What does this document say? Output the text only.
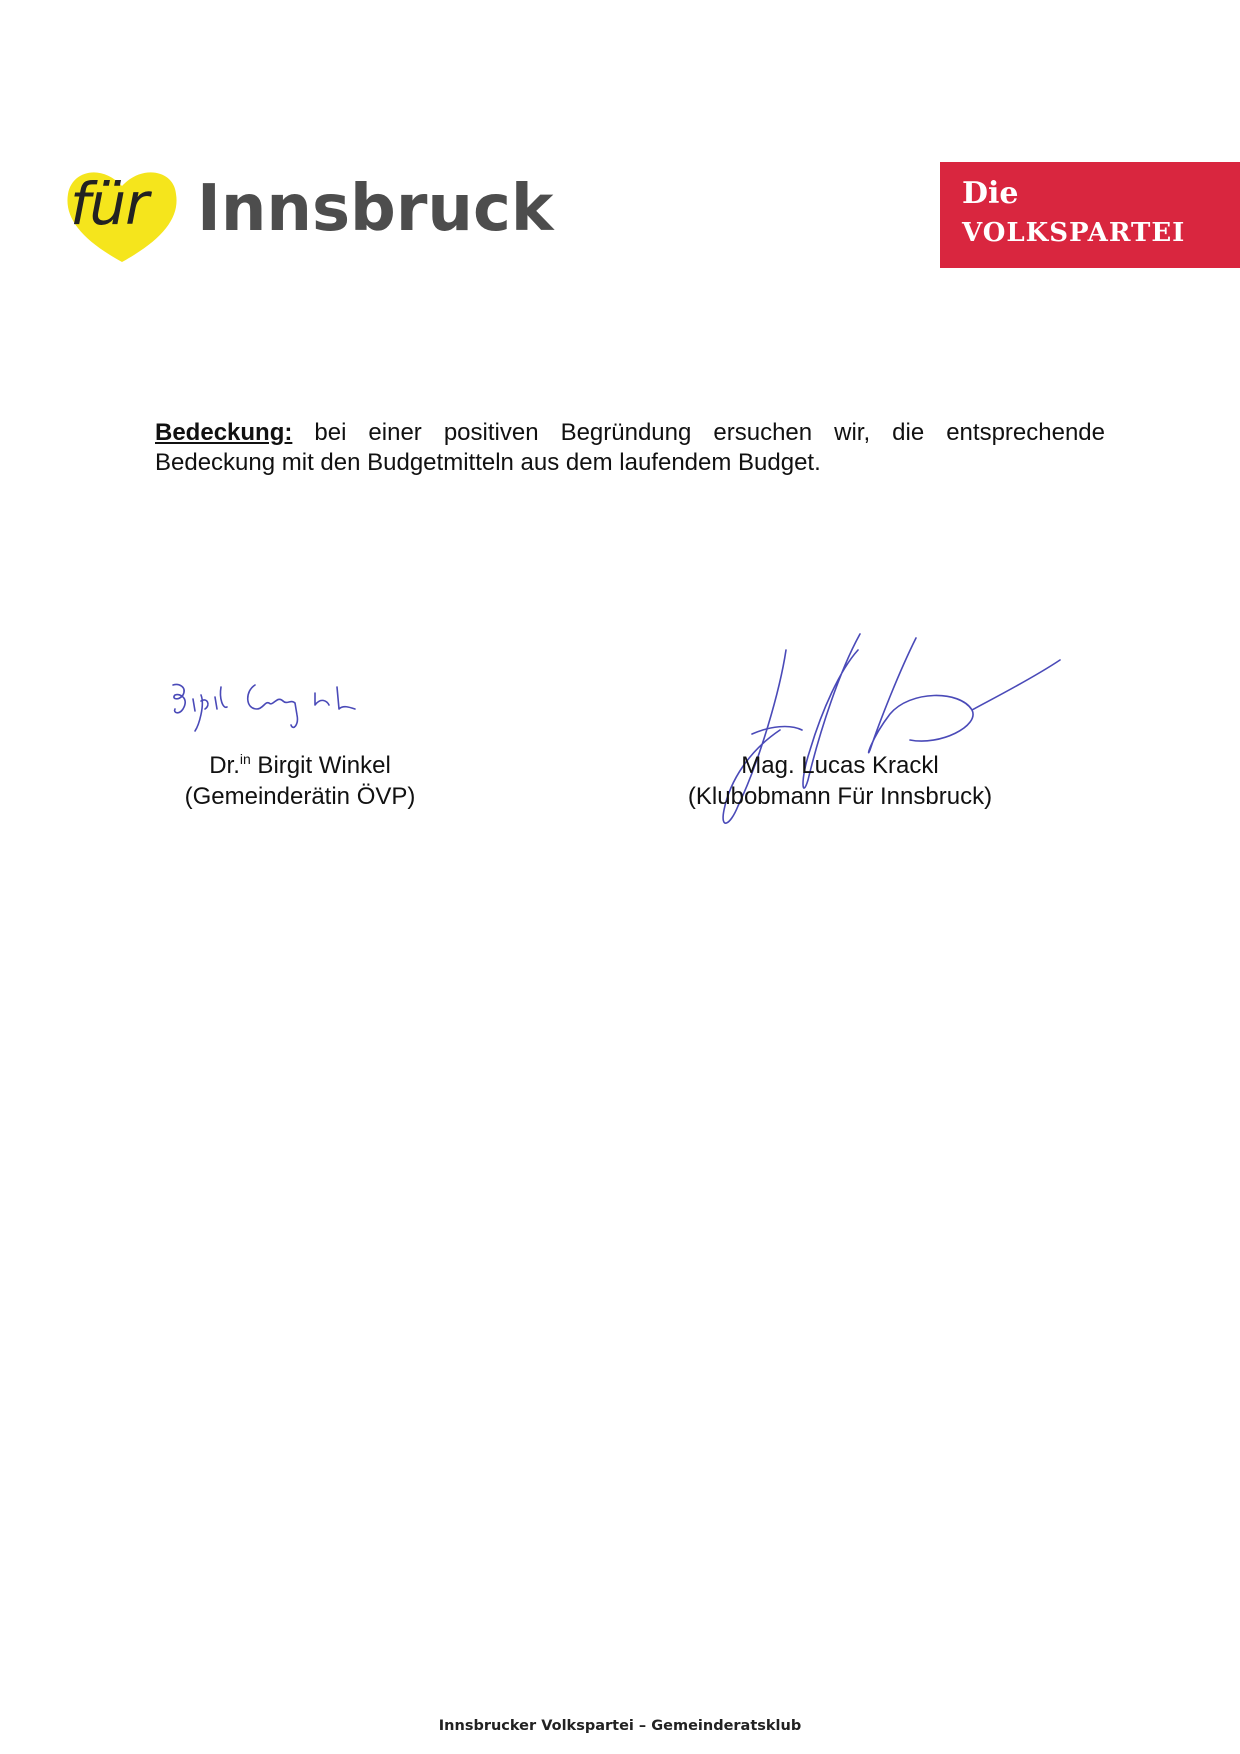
für Innsbruck	Die
VOLKSPARTEI
Bedeckung: bei einer positiven Begründung ersuchen wir, die entsprechende Bedeckung mit den Budgetmitteln aus dem laufendem Budget.
Dr.$^{in}$ Birgit Winkel
(Gemeinderätin ÖVP)
Mag. Lucas Krackl
(Klubobmann Für Innsbruck)
Innsbrucker Volkspartei – Gemeinderatsklub
